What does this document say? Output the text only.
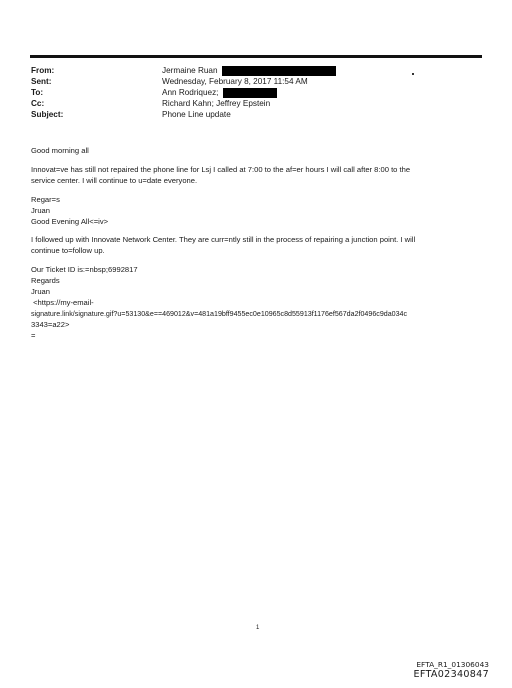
From:	Jermaine Ruan
Sent:	Wednesday, February 8, 2017 11:54 AM
To:	Ann Rodriquez;
Cc:	Richard Kahn; Jeffrey Epstein
Subject:	Phone Line update

Good morning all

Innovat=ve has still not repaired the phone line for Lsj I called at 7:00 to the af=er hours I will call after 8:00 to the

service center. I will continue to u=date everyone.

Regar=s

Jruan

Good Evening All<=iv>

I followed up with Innovate Network Center. They are curr=ntly still in the process of repairing a junction point. I will

continue to=follow up.

Our Ticket ID is:=nbsp;6992817

Regards

Jruan

<https://my-email-

signature.link/signature.gif?u=53130&e==469012&v=481a19bff9455ec0e10965c8d55913f1176ef567da2f0496c9da034c

3343=a22>

=

1
EFTA_R1_01306043
EFTA02340847
